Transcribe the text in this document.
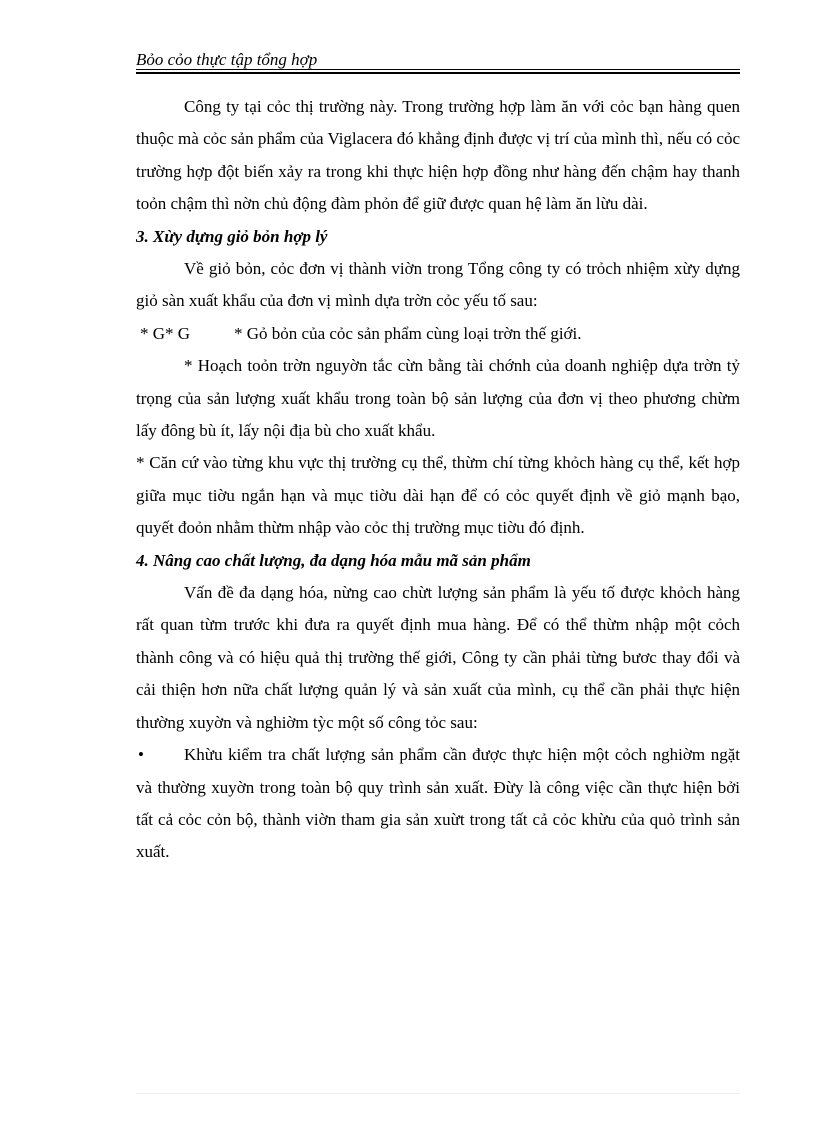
Bỏo cỏo thực tập tổng hợp

Công ty tại cỏc thị trường này. Trong trường hợp làm ăn với cỏc bạn hàng quen thuộc mà cỏc sản phẩm của Viglacera đó khẳng định được vị trí của mình thì, nếu có cỏc trường hợp đột biến xảy ra trong khi thực hiện hợp đồng như hàng đến chậm hay thanh toỏn chậm thì nờn chủ động đàm phỏn để giữ được quan hệ làm ăn lừu dài.

3. Xừy dựng giỏ bỏn hợp lý

Về giỏ bỏn, cỏc đơn vị thành viờn trong Tổng công ty có trỏch nhiệm xừy dựng giỏ sàn xuất khẩu của đơn vị mình dựa trờn cỏc yếu tố sau:

* G* G	* Gỏ bỏn của cỏc sản phẩm cùng loại trờn thế giới.

* Hoạch toỏn trờn nguyờn tắc cừn bằng tài chớnh của doanh nghiệp dựa trờn tỷ trọng của sản lượng xuất khẩu trong toàn bộ sản lượng của đơn vị theo phương chừm lấy đông bù ít, lấy nội địa bù cho xuất khẩu.

* Căn cứ vào từng khu vực thị trường cụ thể, thừm chí từng khỏch hàng cụ thể, kết hợp giữa mục tiờu ngắn hạn và mục tiờu dài hạn để có cỏc quyết định về giỏ mạnh bạo, quyết đoỏn nhằm thừm nhập vào cỏc thị trường mục tiờu đó định.

4. Nâng cao chất lượng, đa dạng hóa mẫu mã sản phẩm

Vấn đề đa dạng hóa, nừng cao chừt lượng sản phẩm là yếu tố được khỏch hàng rất quan từm trước khi đưa ra quyết định mua hàng. Để có thể thừm nhập một cỏch thành công và có hiệu quả thị trường thế giới, Công ty cần phải từng bươc thay đổi và cải thiện hơn nữa chất lượng quản lý và sản xuất của mình, cụ thể cần phải thực hiện thường xuyờn và nghiờm tỳc một số công tỏc sau:

• Khừu kiểm tra chất lượng sản phẩm cần được thực hiện một cỏch nghiờm ngặt và thường xuyờn trong toàn bộ quy trình sản xuất. Đừy là công việc cần thực hiện bởi tất cả cỏc cỏn bộ, thành viờn tham gia sản xuừt trong tất cả cỏc khừu của quỏ trình sản xuất.
